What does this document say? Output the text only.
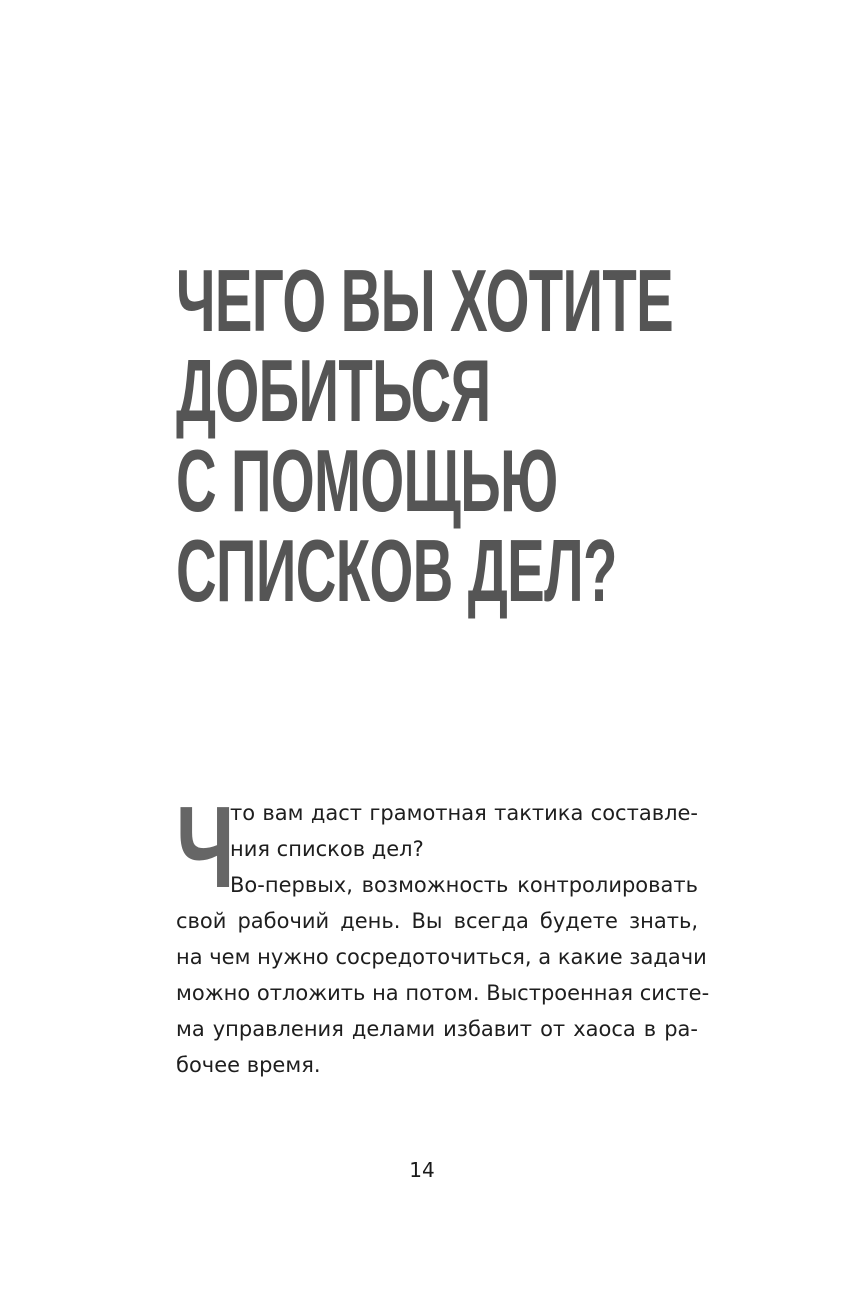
ЧЕГО ВЫ ХОТИТЕ
ДОБИТЬСЯ
С ПОМОЩЬЮ
СПИСКОВ ДЕЛ?
Ч
то вам даст грамотная тактика составле-
ния списков дел?
Во-первых, возможность контролировать
свой рабочий день. Вы всегда будете знать,
на чем нужно сосредоточиться, а какие задачи
можно отложить на потом. Выстроенная систе-
ма управления делами избавит от хаоса в ра-
бочее время.
14
